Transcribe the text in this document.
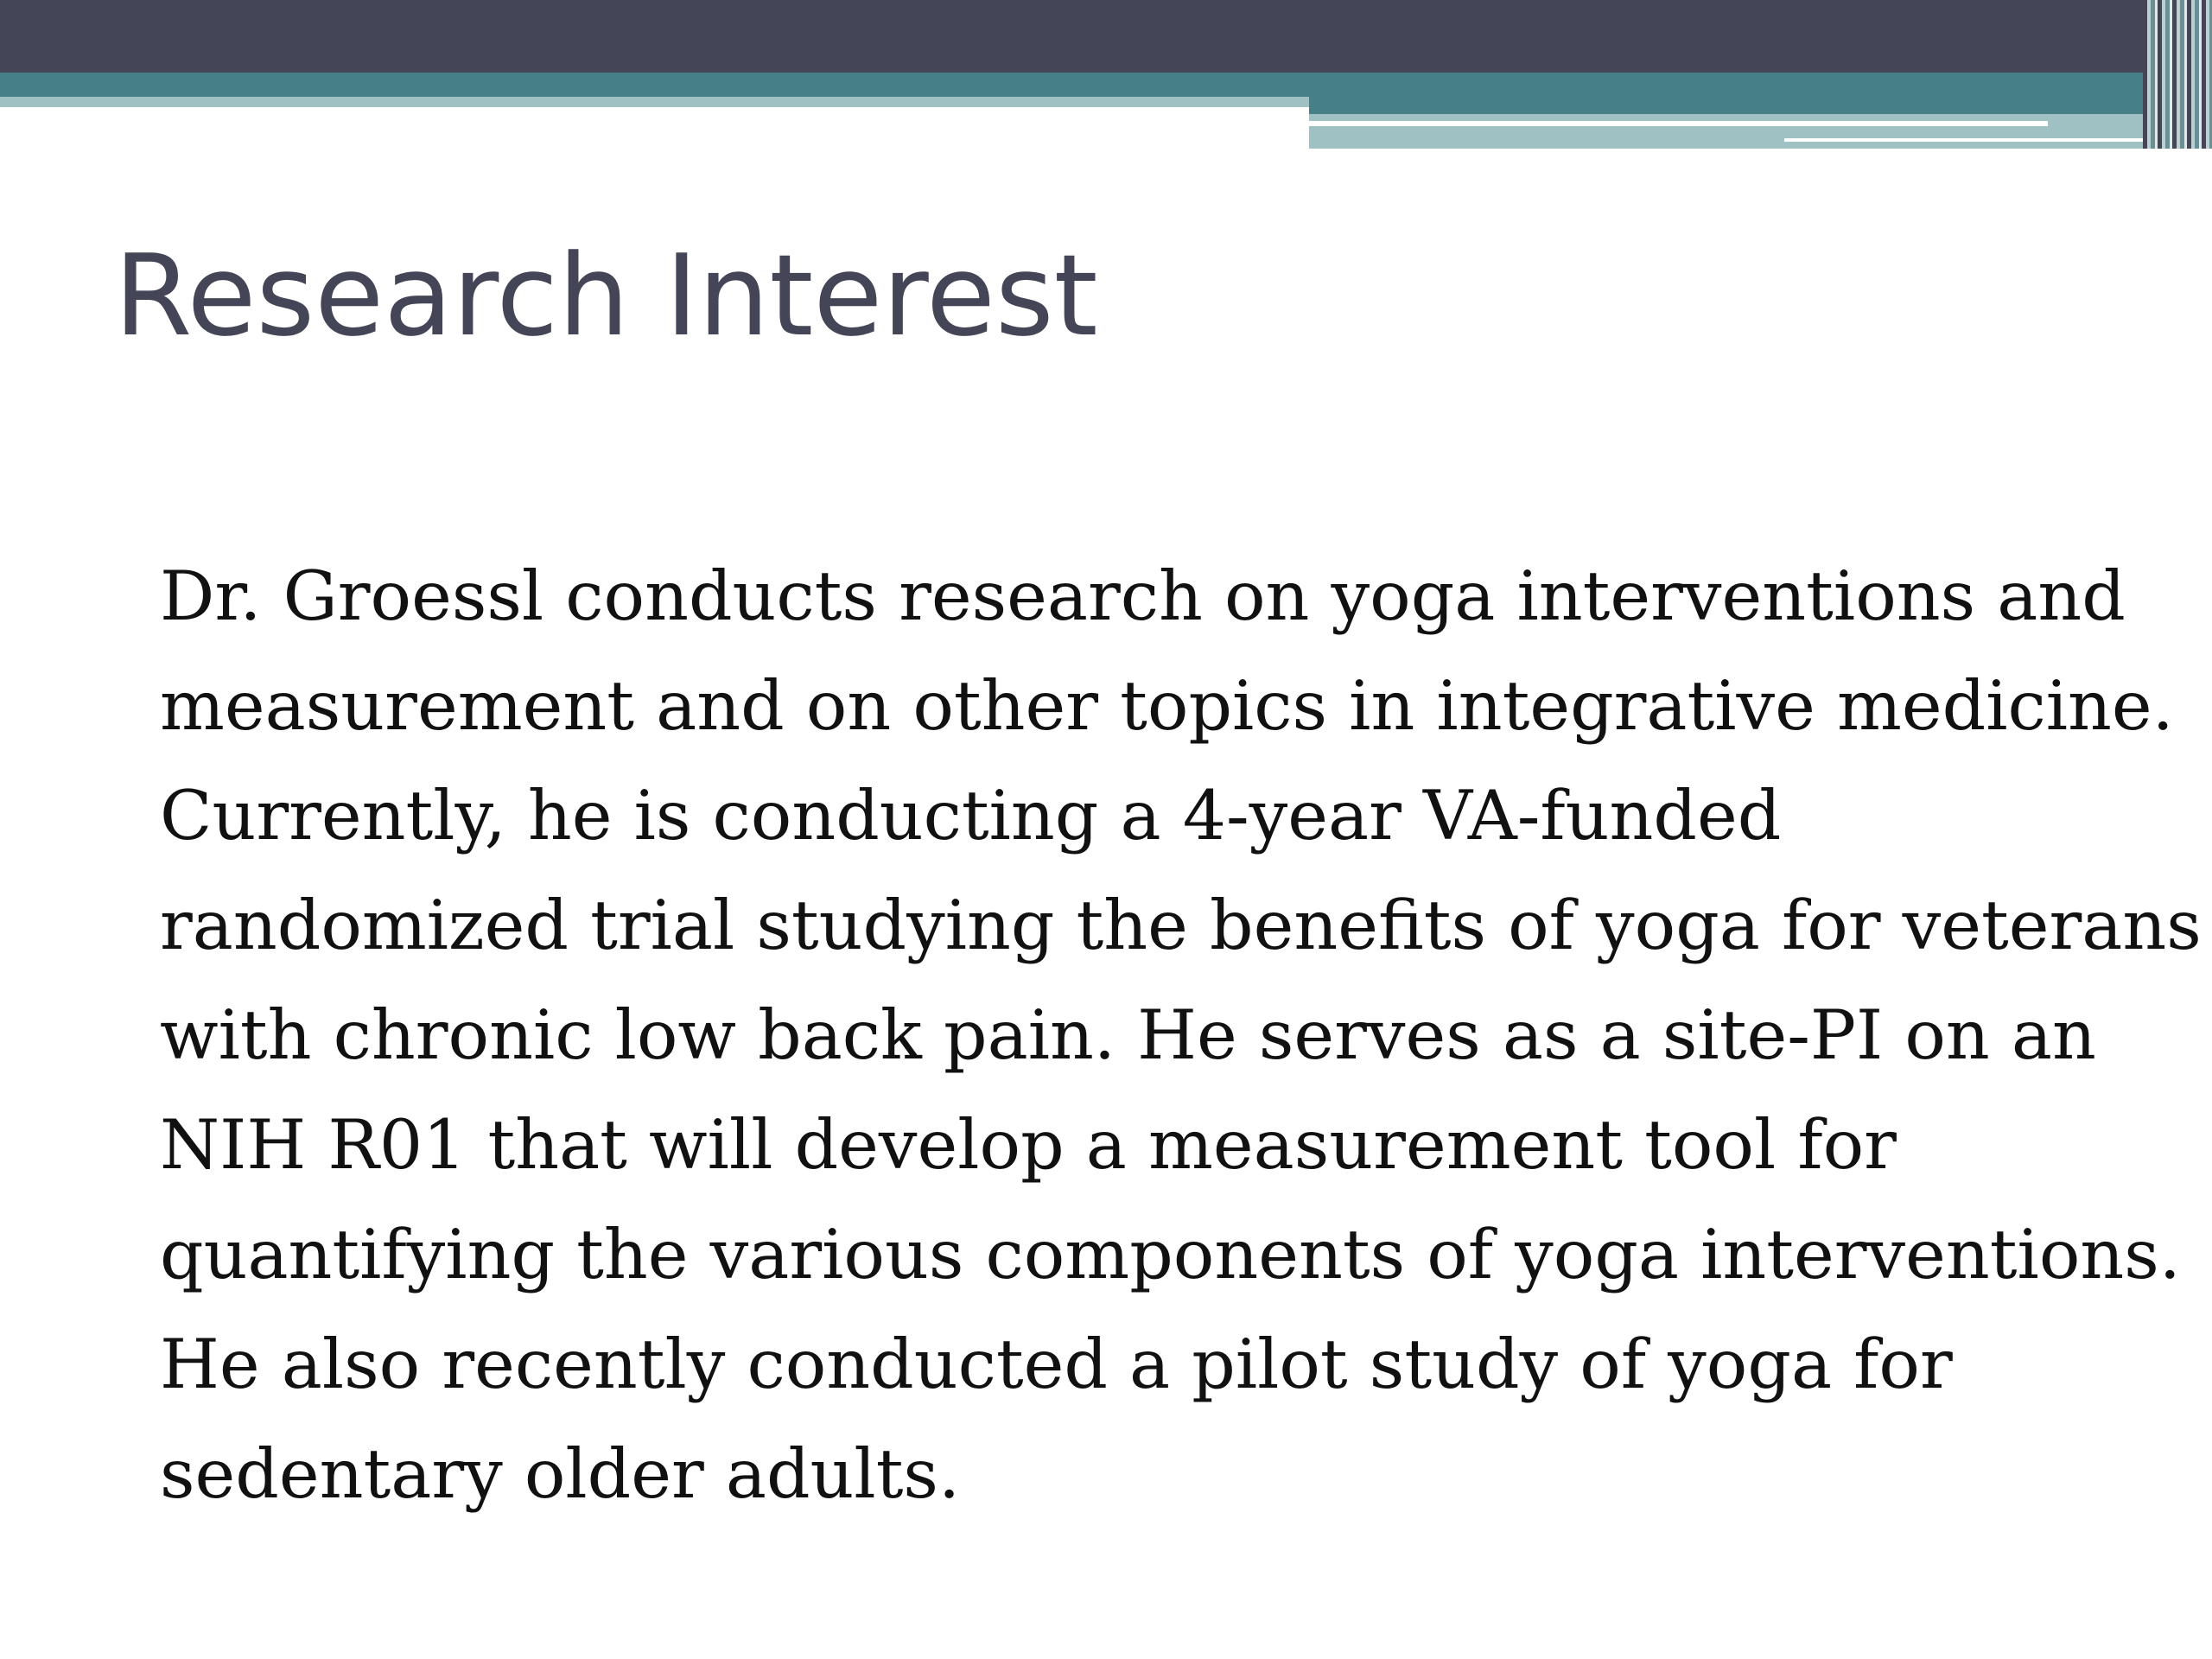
Research Interest
Dr. Groessl conducts research on yoga interventions and
measurement and on other topics in integrative medicine.
Currently, he is conducting a 4-year VA-funded
randomized trial studying the benefits of yoga for veterans
with chronic low back pain. He serves as a site-PI on an
NIH R01 that will develop a measurement tool for
quantifying the various components of yoga interventions.
He also recently conducted a pilot study of yoga for
sedentary older adults.
